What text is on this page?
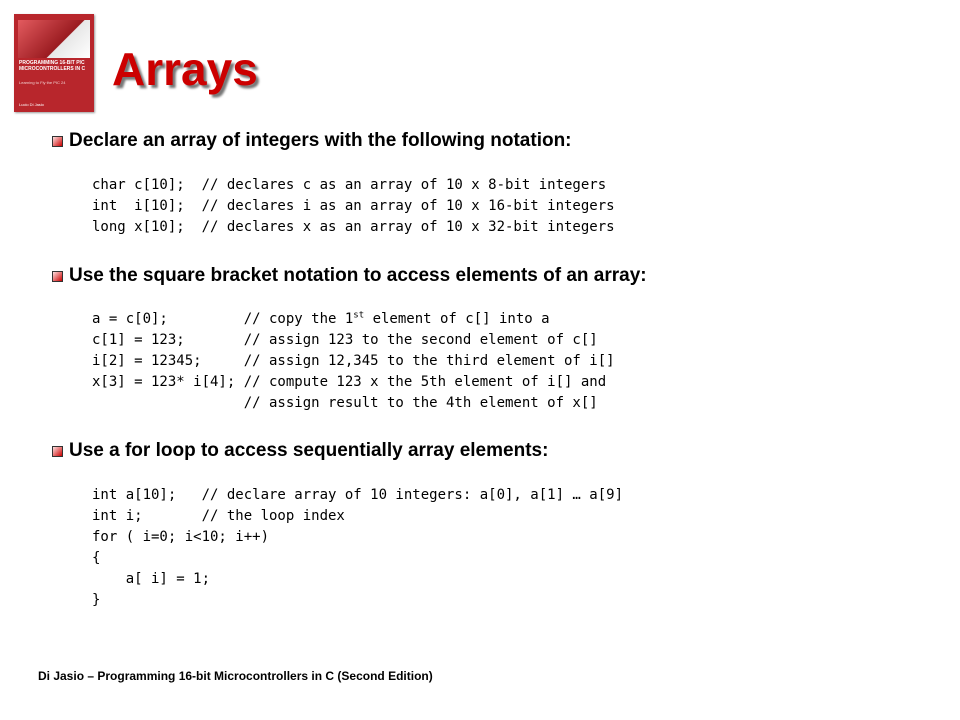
PROGRAMMING 16-BIT PIC
MICROCONTROLLERS IN C
Learning to Fly the PIC 24
Lucio Di Jasio
Arrays
Declare an array of integers with the following notation:
char c[10];  // declares c as an array of 10 x 8-bit integers
int  i[10];  // declares i as an array of 10 x 16-bit integers
long x[10];  // declares x as an array of 10 x 32-bit integers
Use the square bracket notation to access elements of an array:
a = c[0];         // copy the 1st element of c[] into a
c[1] = 123;       // assign 123 to the second element of c[]
i[2] = 12345;     // assign 12,345 to the third element of i[]
x[3] = 123* i[4]; // compute 123 x the 5th element of i[] and
// assign result to the 4th element of x[]
Use a for loop to access sequentially array elements:
int a[10];   // declare array of 10 integers: a[0], a[1] … a[9]
int i;       // the loop index
for ( i=0; i<10; i++)
{
a[ i] = 1;
}
Di Jasio – Programming 16-bit Microcontrollers in C (Second Edition)
